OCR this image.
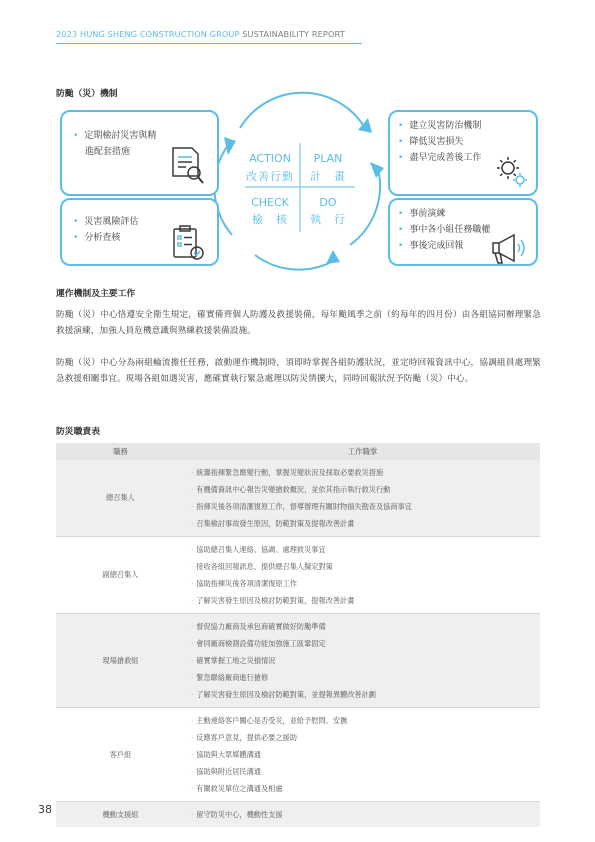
2023 HUNG SHENG CONSTRUCTION GROUP SUSTAINABILITY REPORT
防颱（災）機制
• 定期檢討災害與精
進配套措施
• 災害風險評估
• 分析查核
• 建立災害防治機制
• 降低災害損失
• 盡早完成善後工作
• 事前演練
• 事中各小組任務職權
• 事後完成回報
ACTION
改善行動
PLAN
計　畫
CHECK
檢　核
DO
執　行
運作機制及主要工作
防颱（災）中心恪遵安全衛生規定，確實備齊個人防護及救援裝備，每年颱風季之前（約每年的四月份）由各組協同辦理緊急救援演練，加強人員危機意識與熟練救援裝備設施。
防颱（災）中心分為兩組輪流擔任任務，啟動運作機制時，須即時掌握各組防護狀況，並定時回報資訊中心，協調組員處理緊急救援相關事宜。現場各組如遇災害，應確實執行緊急處理以防災情擴大，同時回報狀況予防颱（災）中心。
防災職責表
職務	工作職掌
總召集人	· 統籌指揮緊急應變行動，掌握災變狀況及採取必要救災措施
· 有機備資訊中心報告災變搶救概況，並依其指示執行救災行動
· 指揮災後各項清潔復原工作，督導辦理有關財物損失勘查及協商事宜
· 召集檢討事故發生原因，防範對策及提報改善計畫

副總召集人	· 協助總召集人連絡、協調、處理救災事宜
· 接收各組回報訊息，提供總召集人擬定對策
· 協助指揮災後各項清潔復原工作
· 了解災害發生原因及檢討防範對策，提報改善計畫

現場搶救組	· 督促協力廠商及承包商確實做好防颱準備
· 會同廠商檢測設備功能加強施工區鞏固定
· 確實掌握工地之災損情況
· 緊急聯絡廠商進行搶修
· 了解災害發生原因及檢討防範對策，並提報異體改善計劃

客戶組	· 主動連絡客戶關心是否受災，並給予慰問、安撫
· 反應客戶意見，提供必要之援助
· 協助與大眾媒體溝通
· 協助與附近居民溝通
· 有關救災單位之溝通及相處

機動支援組	· 留守防災中心，機動性支援
38
